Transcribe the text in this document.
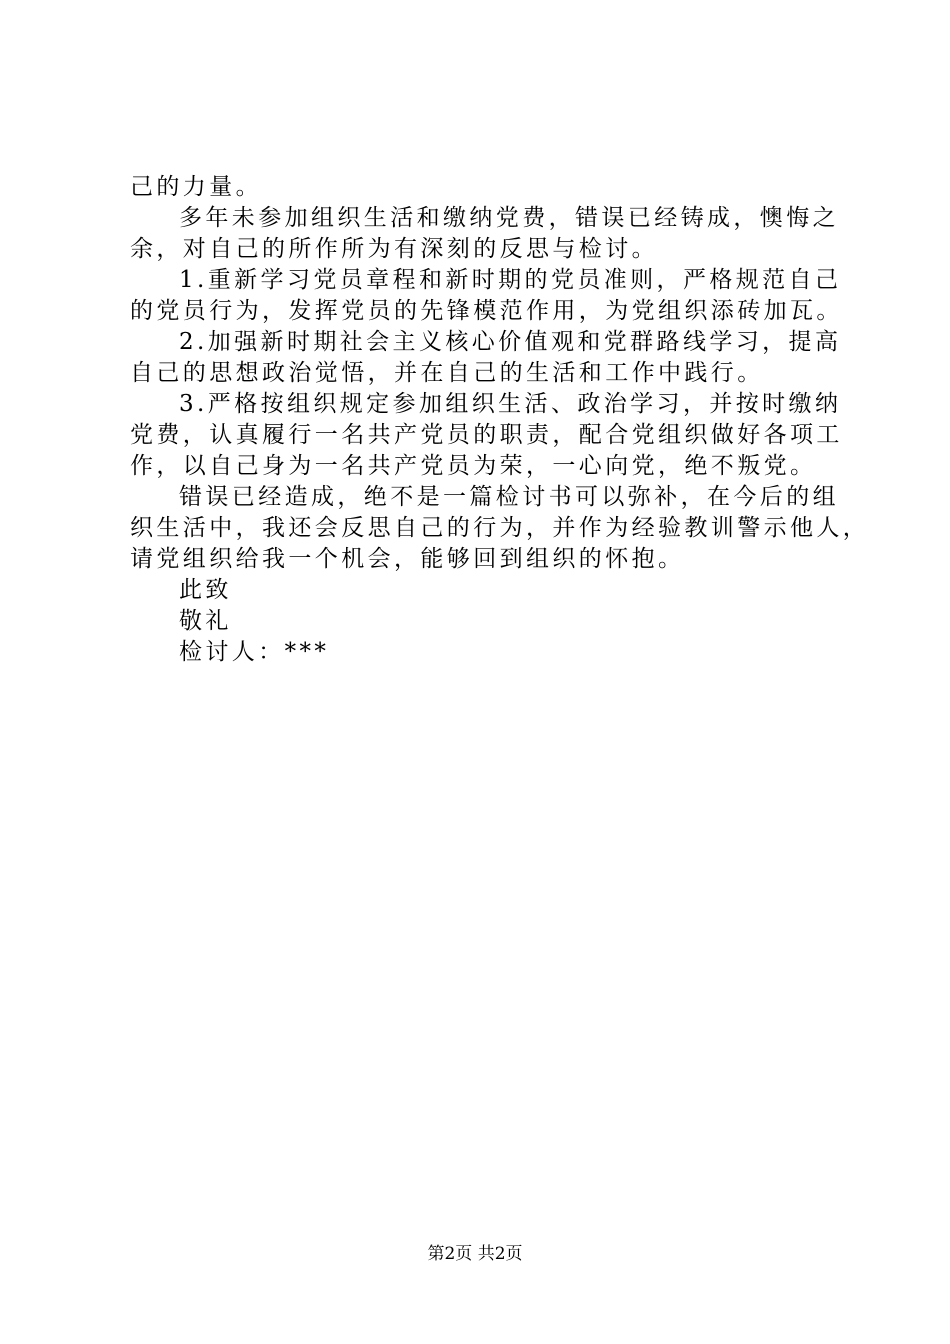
己的力量。
多年未参加组织生活和缴纳党费，错误已经铸成，懊悔之
余，对自己的所作所为有深刻的反思与检讨。
1.重新学习党员章程和新时期的党员准则，严格规范自己
的党员行为，发挥党员的先锋模范作用，为党组织添砖加瓦。
2.加强新时期社会主义核心价值观和党群路线学习，提高
自己的思想政治觉悟，并在自己的生活和工作中践行。
3.严格按组织规定参加组织生活、政治学习，并按时缴纳
党费，认真履行一名共产党员的职责，配合党组织做好各项工
作，以自己身为一名共产党员为荣，一心向党，绝不叛党。
错误已经造成，绝不是一篇检讨书可以弥补，在今后的组
织生活中，我还会反思自己的行为，并作为经验教训警示他人，
请党组织给我一个机会，能够回到组织的怀抱。
此致
敬礼
检讨人：***
第2页 共2页
